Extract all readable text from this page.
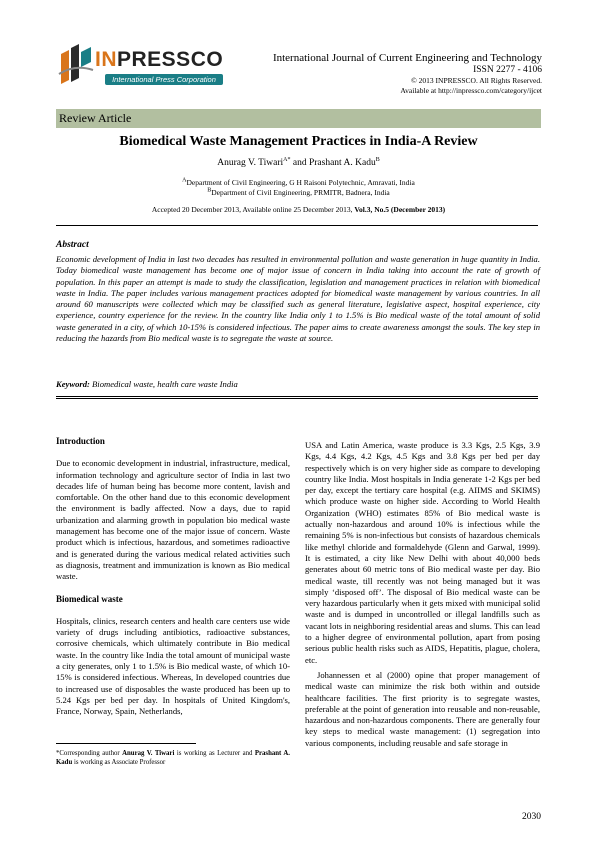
INPRESSCO
International Press Corporation
International Journal of Current Engineering and Technology
ISSN 2277 - 4106
© 2013 INPRESSCO. All Rights Reserved.
Available at http://inpressco.com/category/ijcet
Review Article
Biomedical Waste Management Practices in India-A Review
Anurag V. Tiwari$^{A*}$ and Prashant A. Kadu$^B$
$^A$Department of Civil Engineering, G H Raisoni Polytechnic, Amravati, India
$^B$Department of Civil Engineering, PRMITR, Badnera, India
Accepted 20 December 2013, Available online 25 December 2013, Vol.3, No.5 (December 2013)
Abstract
Economic development of India in last two decades has resulted in environmental pollution and waste generation in huge quantity in India. Today biomedical waste management has become one of major issue of concern in India taking into account the rate of growth of population. In this paper an attempt is made to study the classification, legislation and management practices in relation with biomedical waste in India. The paper includes various management practices adopted for biomedical waste management by various countries. In all around 60 manuscripts were collected which may be classified such as general literature, legislative aspect, hospital experience, city experience, country experience for the review. In the country like India only 1 to 1.5% is Bio medical waste of the total amount of solid waste generated in a city, of which 10-15% is considered infectious. The paper aims to create awareness amongst the souls. The key step in reducing the hazards from Bio medical waste is to segregate the waste at source.
Keyword: Biomedical waste, health care waste India
Introduction

Due to economic development in industrial, infrastructure, medical, information technology and agriculture sector of India in last two decades life of human being has become more content, lavish and comfortable. On the other hand due to this economic development the environment is badly affected. Now a days, due to rapid urbanization and alarming growth in population bio medical waste management has become one of the major issue of concern. Waste product which is infectious, hazardous, and sometimes radioactive and is generated during the various medical related activities such as diagnosis, treatment and immunization is known as Bio medical waste.

Biomedical waste

Hospitals, clinics, research centers and health care centers use wide variety of drugs including antibiotics, radioactive substances, corrosive chemicals, which ultimately contribute in Bio medical waste. In the country like India the total amount of municipal waste a city generates, only 1 to 1.5% is Bio medical waste, of which 10-15% is considered infectious. Whereas, In developed countries due to increased use of disposables the waste produced has been up to 5.24 Kgs per bed per day. In hospitals of United Kingdom's, France, Norway, Spain, Netherlands,

USA and Latin America, waste produce is 3.3 Kgs, 2.5 Kgs, 3.9 Kgs, 4.4 Kgs, 4.2 Kgs, 4.5 Kgs and 3.8 Kgs per bed per day respectively which is on very higher side as compare to developing country like India. Most hospitals in India generate 1-2 Kgs per bed per day, except the tertiary care hospital (e.g. AIIMS and SKIMS) which produce waste on higher side. According to World Health Organization (WHO) estimates 85% of Bio medical waste is actually non-hazardous and around 10% is infectious while the remaining 5% is non-infectious but consists of hazardous chemicals like methyl chloride and formaldehyde (Glenn and Garwal, 1999). It is estimated, a city like New Delhi with about 40,000 beds generates about 60 metric tons of Bio medical waste per day. Bio medical waste, till recently was not being managed but it was simply ‘disposed off’. The disposal of Bio medical waste can be very hazardous particularly when it gets mixed with municipal solid waste and is dumped in uncontrolled or illegal landfills such as vacant lots in neighboring residential areas and slums. This can lead to a higher degree of environmental pollution, apart from posing serious public health risks such as AIDS, Hepatitis, plague, cholera, etc.

Johannessen et al (2000) opine that proper management of medical waste can minimize the risk both within and outside healthcare facilities. The first priority is to segregate wastes, preferable at the point of generation into reusable and non-reusable, hazardous and non-hazardous components. There are generally four key steps to medical waste management: (1) segregation into various components, including reusable and safe storage in

*Corresponding author Anurag V. Tiwari is working as Lecturer and Prashant A. Kadu is working as Associate Professor
2030
